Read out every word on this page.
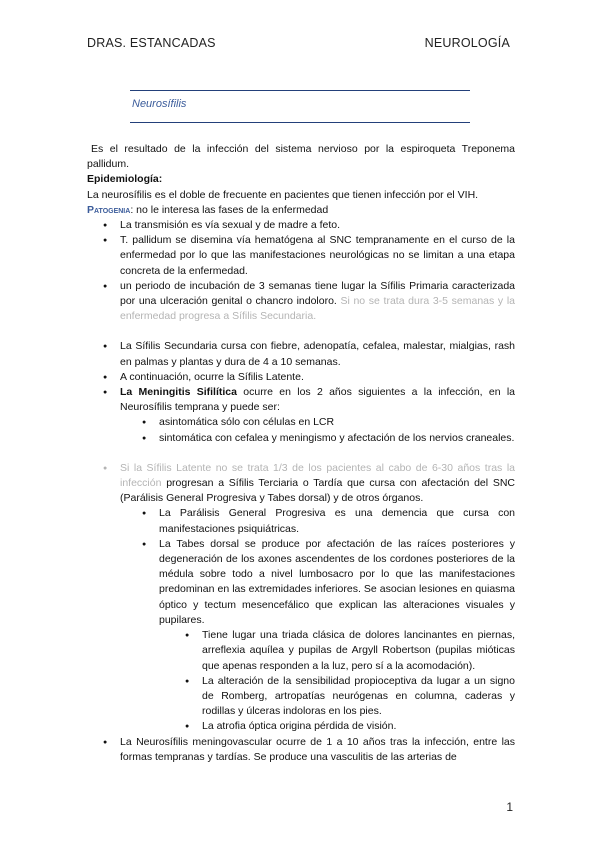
DRAS. ESTANCADAS	NEUROLOGÍA
Neurosífilis

Es el resultado de la infección del sistema nervioso por la espiroqueta Treponema pallidum.

Epidemiología:

La neurosífilis es el doble de frecuente en pacientes que tienen infección por el VIH.

Patogenia: no le interesa las fases de la enfermedad

● La transmisión es vía sexual y de madre a feto.
● T. pallidum se disemina vía hematógena al SNC tempranamente en el curso de la enfermedad por lo que las manifestaciones neurológicas no se limitan a una etapa concreta de la enfermedad.
● un periodo de incubación de 3 semanas tiene lugar la Sífilis Primaria caracterizada por una ulceración genital o chancro indoloro. Si no se trata dura 3-5 semanas y la enfermedad progresa a Sífilis Secundaria.
● La Sífilis Secundaria cursa con fiebre, adenopatía, cefalea, malestar, mialgias, rash en palmas y plantas y dura de 4 a 10 semanas.
● A continuación, ocurre la Sífilis Latente.
● La Meningitis Sifilítica ocurre en los 2 años siguientes a la infección, en la Neurosífilis temprana y puede ser:
● asintomática sólo con células en LCR
● sintomática con cefalea y meningismo y afectación de los nervios craneales.
● Si la Sífilis Latente no se trata 1/3 de los pacientes al cabo de 6-30 años tras la infección progresan a Sífilis Terciaria o Tardía que cursa con afectación del SNC (Parálisis General Progresiva y Tabes dorsal) y de otros órganos.
● La Parálisis General Progresiva es una demencia que cursa con manifestaciones psiquiátricas.
● La Tabes dorsal se produce por afectación de las raíces posteriores y degeneración de los axones ascendentes de los cordones posteriores de la médula sobre todo a nivel lumbosacro por lo que las manifestaciones predominan en las extremidades inferiores. Se asocian lesiones en quiasma óptico y tectum mesencefálico que explican las alteraciones visuales y pupilares.
● Tiene lugar una triada clásica de dolores lancinantes en piernas, arreflexia aquílea y pupilas de Argyll Robertson (pupilas mióticas que apenas responden a la luz, pero sí a la acomodación).
● La alteración de la sensibilidad propioceptiva da lugar a un signo de Romberg, artropatías neurógenas en columna, caderas y rodillas y úlceras indoloras en los pies.
● La atrofia óptica origina pérdida de visión.
● La Neurosífilis meningovascular ocurre de 1 a 10 años tras la infección, entre las formas tempranas y tardías. Se produce una vasculitis de las arterias de
1
